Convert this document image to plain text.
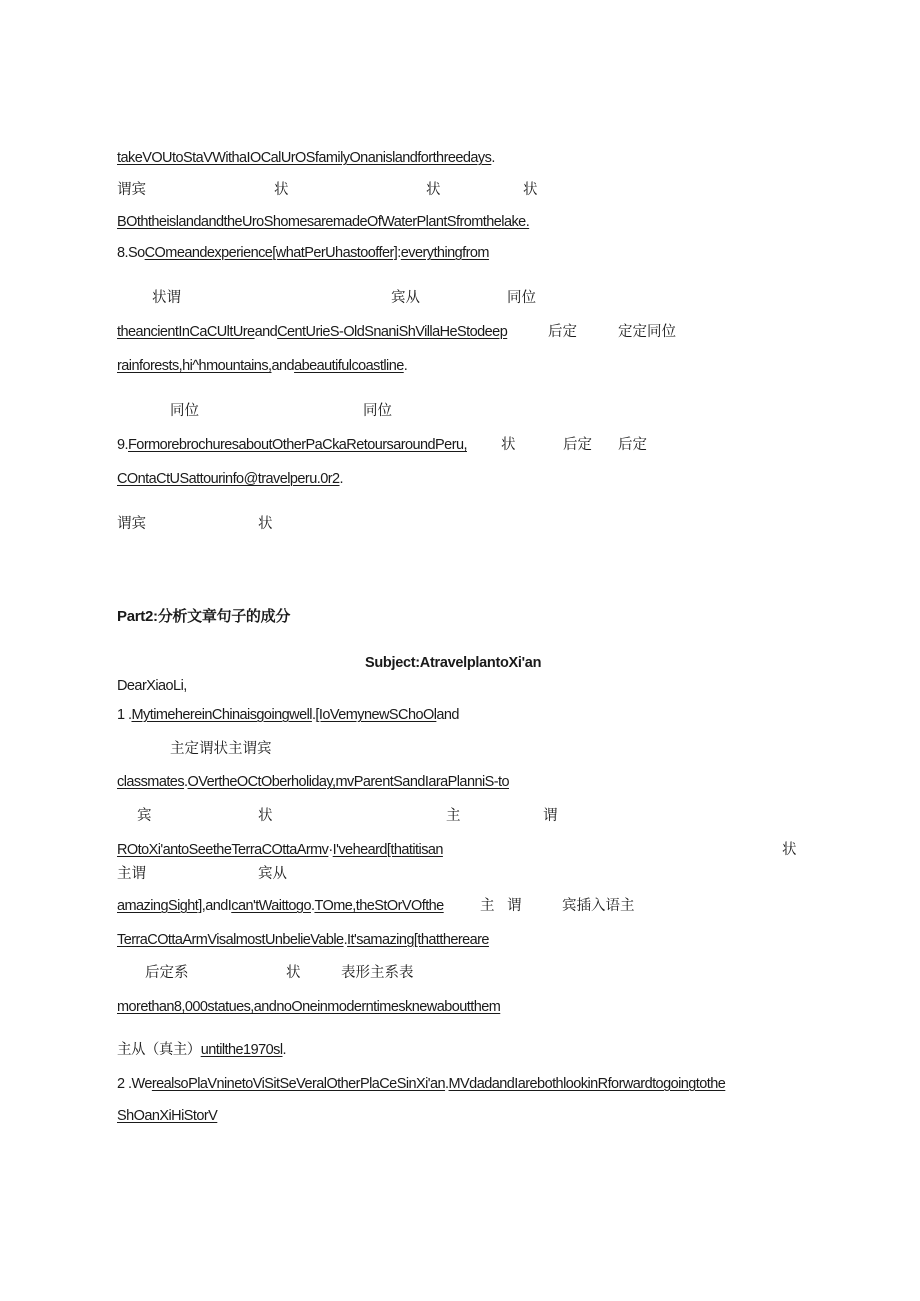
Part2:分析文章句子的成分
Subject:AtravelplantoXi'an
DearXiaoLi,
takeVOUtoStaVWithaIOCalUrOSfamilyOnanislandforthreedays.
谓宾	状	状	状
BOththeislandandtheUroShomesaremadeOfWaterPlantSfromthelake.
8.SoCOmeandexperience[whatPerUhastooffer]:everythingfrom
状谓	宾从	同位
theancientInCaCUltUreandCentUrieS-OldSnaniShVillaHeStodeep	后定	定定同位
rainforests,hi^hmountains,andabeautifulcoastline.
同位	同位
9.FormorebrochuresaboutOtherPaCkaRetoursaroundPeru, 状	后定 后定
COntaCtUSattourinfo@travelperu.0r2.
谓宾	状
1 .MytimehereinChinaisgoingwell.[IoVemynewSChoOland
主定谓状主谓宾
classmates.OVertheOCtOberholiday,mvParentSandIaraPlanniS-to
宾	状	主	谓
ROtoXi'antoSeetheTerraCOttaArmv·I'veheard[thatitisan	状
主谓	宾从
amazingSight],andIcan'tWaittogo.TOme,theStOrVOfthe	主 谓	宾插入语主
TerraCOttaArmVisalmostUnbelieVable.It'samazing[thatthereare
后定系	状	表形主系表
morethan8,000statues,andnoOneinmoderntimesknewaboutthem
主从（真主）untilthe1970sl.
2 .WerealsoPlaVninetoViSitSeVeralOtherPlaCeSinXi'an.MVdadandIarebothlookinRforwardtogoingtothe
ShOanXiHiStorV
